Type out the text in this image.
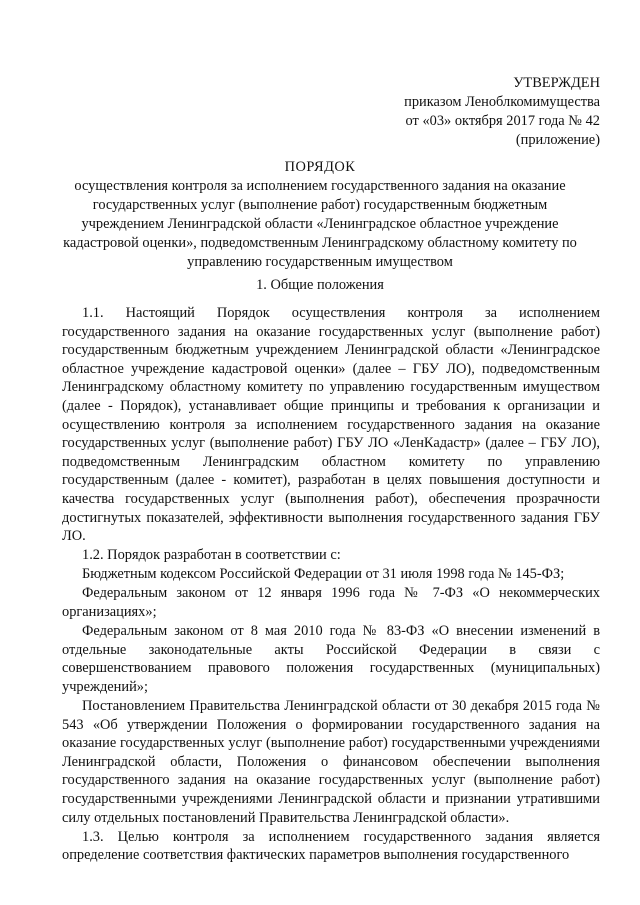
УТВЕРЖДЕН
приказом Леноблкомимущества
от «03» октября 2017 года № 42
(приложение)
ПОРЯДОК
осуществления контроля за исполнением государственного задания на оказание
государственных услуг (выполнение работ) государственным бюджетным
учреждением Ленинградской области «Ленинградское областное учреждение
кадастровой оценки», подведомственным Ленинградскому областному комитету по
управлению государственным имуществом
1. Общие положения

1.1. Настоящий Порядок осуществления контроля за исполнением государственного задания на оказание государственных услуг (выполнение работ) государственным бюджетным учреждением Ленинградской области «Ленинградское областное учреждение кадастровой оценки» (далее – ГБУ ЛО), подведомственным Ленинградскому областному комитету по управлению государственным имуществом (далее - Порядок), устанавливает общие принципы и требования к организации и осуществлению контроля за исполнением государственного задания на оказание государственных услуг (выполнение работ) ГБУ ЛО «ЛенКадастр» (далее – ГБУ ЛО), подведомственным Ленинградским областном комитету по управлению государственным (далее - комитет), разработан в целях повышения доступности и качества государственных услуг (выполнения работ), обеспечения прозрачности достигнутых показателей, эффективности выполнения государственного задания ГБУ ЛО.

1.2. Порядок разработан в соответствии с:

Бюджетным кодексом Российской Федерации от 31 июля 1998 года № 145-ФЗ;

Федеральным законом от 12 января 1996 года № 7-ФЗ «О некоммерческих организациях»;

Федеральным законом от 8 мая 2010 года № 83-ФЗ «О внесении изменений в отдельные законодательные акты Российской Федерации в связи с совершенствованием правового положения государственных (муниципальных) учреждений»;

Постановлением Правительства Ленинградской области от 30 декабря 2015 года № 543 «Об утверждении Положения о формировании государственного задания на оказание государственных услуг (выполнение работ) государственными учреждениями Ленинградской области, Положения о финансовом обеспечении выполнения государственного задания на оказание государственных услуг (выполнение работ) государственными учреждениями Ленинградской области и признании утратившими силу отдельных постановлений Правительства Ленинградской области».

1.3. Целью контроля за исполнением государственного задания является определение соответствия фактических параметров выполнения государственного
